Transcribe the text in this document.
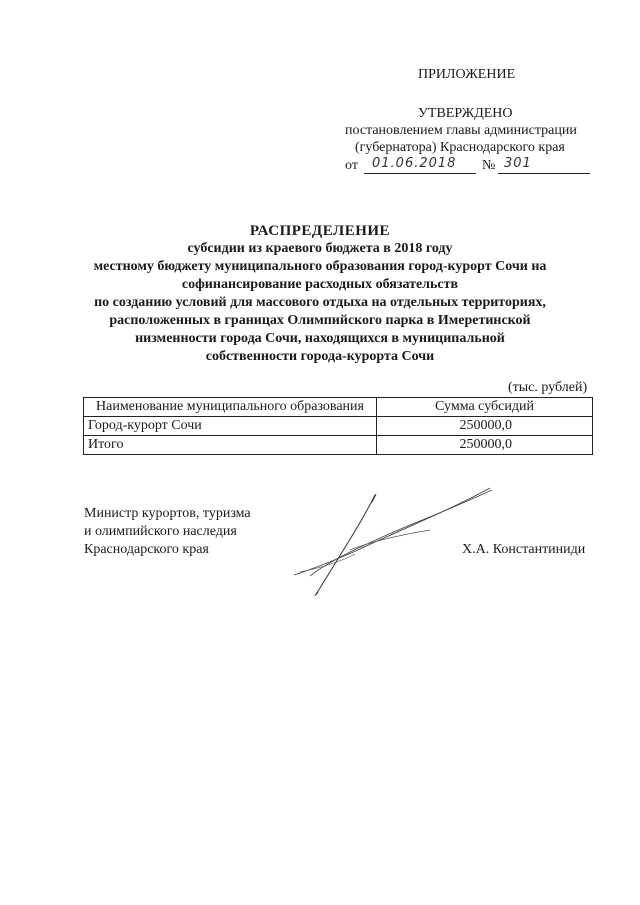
ПРИЛОЖЕНИЕ
УТВЕРЖДЕНО
постановлением главы администрации
(губернатора) Краснодарского края
от 01.06.2018 № 301
РАСПРЕДЕЛЕНИЕ
субсидии из краевого бюджета в 2018 году
местному бюджету муниципального образования город-курорт Сочи на
софинансирование расходных обязательств
по созданию условий для массового отдыха на отдельных территориях,
расположенных в границах Олимпийского парка в Имеретинской
низменности города Сочи, находящихся в муниципальной
собственности города-курорта Сочи
(тыс. рублей)
Наименование муниципального образования	Сумма субсидий
Город-курорт Сочи	250000,0
Итого	250000,0
Министр курортов, туризма
и олимпийского наследия
Краснодарского края	Х.А. Константиниди
